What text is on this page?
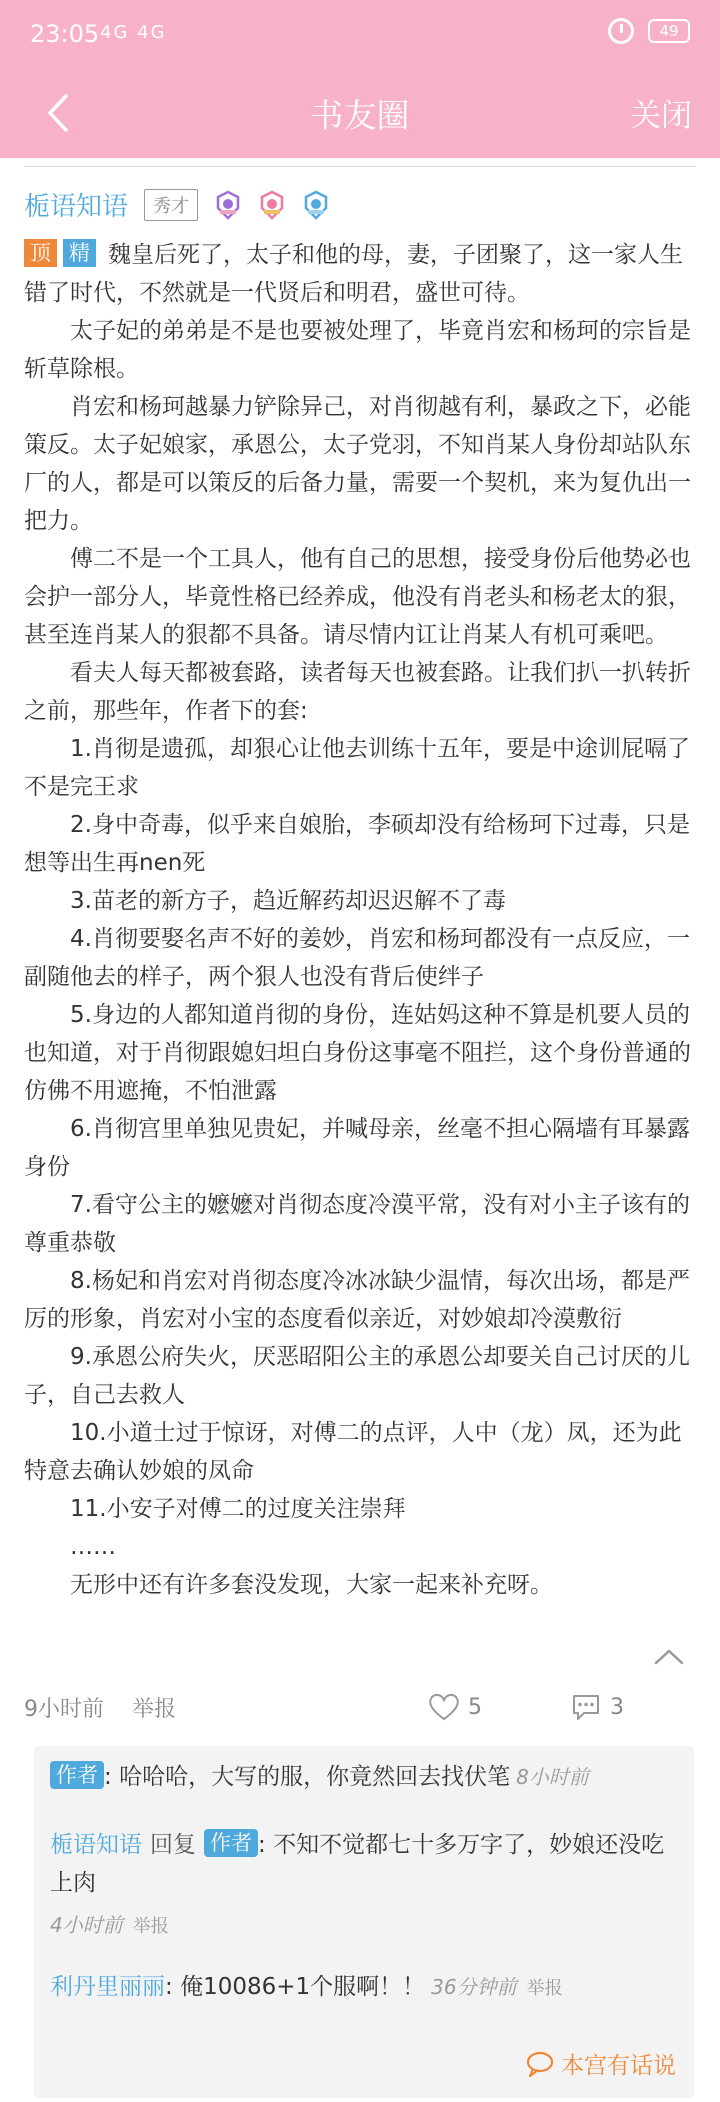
23:05 4G 4G	49
书友圈	关闭
栀语知语	秀才

顶 精 魏皇后死了，太子和他的母，妻，子团聚了，这一家人生错了时代，不然就是一代贤后和明君，盛世可待。

太子妃的弟弟是不是也要被处理了，毕竟肖宏和杨珂的宗旨是斩草除根。

肖宏和杨珂越暴力铲除异己，对肖彻越有利，暴政之下，必能策反。太子妃娘家，承恩公，太子党羽，不知肖某人身份却站队东厂的人，都是可以策反的后备力量，需要一个契机，来为复仇出一把力。

傅二不是一个工具人，他有自己的思想，接受身份后他势必也会护一部分人，毕竟性格已经养成，他没有肖老头和杨老太的狠，甚至连肖某人的狠都不具备。请尽情内讧让肖某人有机可乘吧。

看夫人每天都被套路，读者每天也被套路。让我们扒一扒转折之前，那些年，作者下的套:

1.肖彻是遗孤，却狠心让他去训练十五年，要是中途训屁嗝了不是完王求

2.身中奇毒，似乎来自娘胎，李硕却没有给杨珂下过毒，只是想等出生再nen死

3.苗老的新方子，趋近解药却迟迟解不了毒

4.肖彻要娶名声不好的姜妙，肖宏和杨珂都没有一点反应，一副随他去的样子，两个狠人也没有背后使绊子

5.身边的人都知道肖彻的身份，连姑妈这种不算是机要人员的也知道，对于肖彻跟媳妇坦白身份这事毫不阻拦，这个身份普通的仿佛不用遮掩，不怕泄露

6.肖彻宫里单独见贵妃，并喊母亲，丝毫不担心隔墙有耳暴露身份

7.看守公主的嬷嬷对肖彻态度冷漠平常，没有对小主子该有的尊重恭敬

8.杨妃和肖宏对肖彻态度冷冰冰缺少温情，每次出场，都是严厉的形象，肖宏对小宝的态度看似亲近，对妙娘却冷漠敷衍

9.承恩公府失火，厌恶昭阳公主的承恩公却要关自己讨厌的儿子，自己去救人

10.小道士过于惊讶，对傅二的点评，人中（龙）凤，还为此特意去确认妙娘的凤命

11.小安子对傅二的过度关注崇拜

……

无形中还有许多套没发现，大家一起来补充呀。

9小时前 举报	5	3
作者 : 哈哈哈，大写的服，你竟然回去找伏笔 8小时前
栀语知语 回复 作者 : 不知不觉都七十多万字了，妙娘还没吃上肉
4小时前 举报
利丹里丽丽: 俺10086+1个服啊！！ 36分钟前 举报
本宫有话说
